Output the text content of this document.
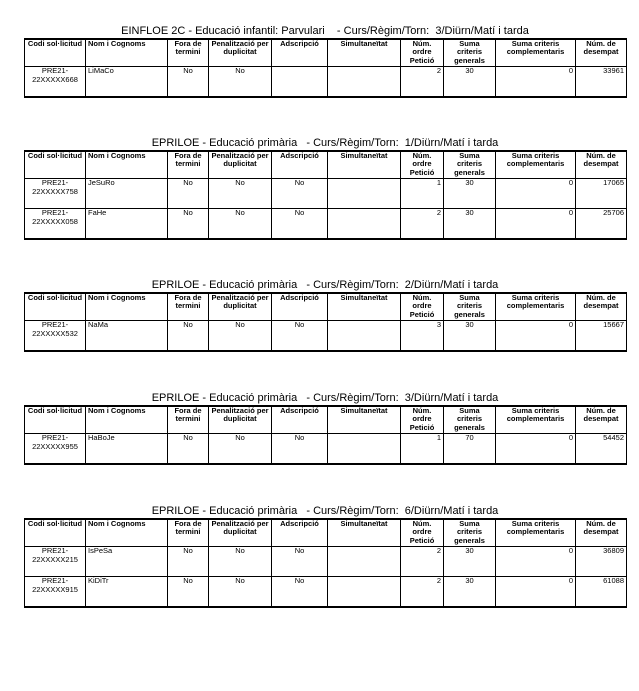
EINFLOE 2C - Educació infantil: Parvulari    - Curs/Règim/Torn:  3/Diürn/Matí i tarda
Codi sol·licitud	Nom i Cognoms	Fora de termini	Penalització per duplicitat	Adscripció	Simultaneïtat	Núm. ordre Petició	Suma criteris generals	Suma criteris complementaris	Núm. de desempat
PRE21-22XXXXX668	LiMaCo	No	No			2	30	0	33961
EPRILOE - Educació primària   - Curs/Règim/Torn:  1/Diürn/Matí i tarda
Codi sol·licitud	Nom i Cognoms	Fora de termini	Penalització per duplicitat	Adscripció	Simultaneïtat	Núm. ordre Petició	Suma criteris generals	Suma criteris complementaris	Núm. de desempat
PRE21-22XXXXX758	JeSuRo	No	No	No		1	30	0	17065
PRE21-22XXXXX058	FaHe	No	No	No		2	30	0	25706
EPRILOE - Educació primària   - Curs/Règim/Torn:  2/Diürn/Matí i tarda
Codi sol·licitud	Nom i Cognoms	Fora de termini	Penalització per duplicitat	Adscripció	Simultaneïtat	Núm. ordre Petició	Suma criteris generals	Suma criteris complementaris	Núm. de desempat
PRE21-22XXXXX532	NaMa	No	No	No		3	30	0	15667
EPRILOE - Educació primària   - Curs/Règim/Torn:  3/Diürn/Matí i tarda
Codi sol·licitud	Nom i Cognoms	Fora de termini	Penalització per duplicitat	Adscripció	Simultaneïtat	Núm. ordre Petició	Suma criteris generals	Suma criteris complementaris	Núm. de desempat
PRE21-22XXXXX955	HaBoJe	No	No	No		1	70	0	54452
EPRILOE - Educació primària   - Curs/Règim/Torn:  6/Diürn/Matí i tarda
Codi sol·licitud	Nom i Cognoms	Fora de termini	Penalització per duplicitat	Adscripció	Simultaneïtat	Núm. ordre Petició	Suma criteris generals	Suma criteris complementaris	Núm. de desempat
PRE21-22XXXXX215	IsPeSa	No	No	No		2	30	0	36809
PRE21-22XXXXX915	KiDiTr	No	No	No		2	30	0	61088
